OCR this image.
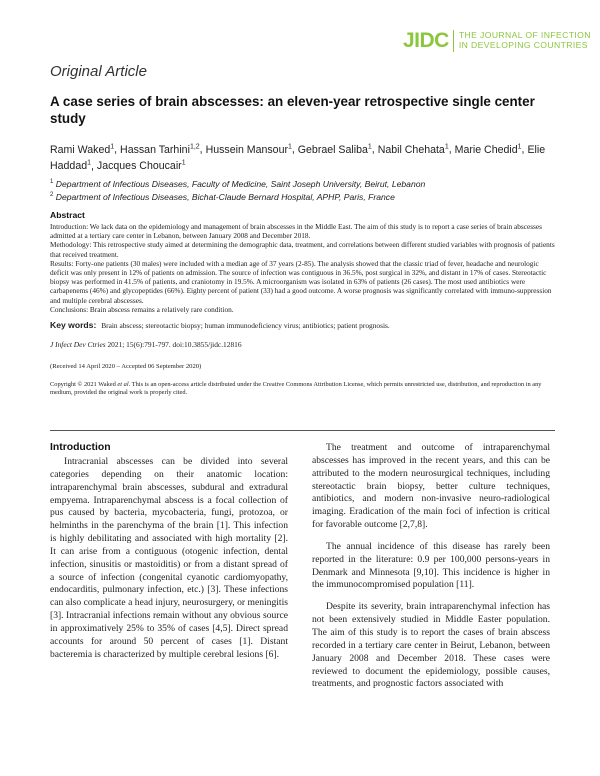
JIDC THE JOURNAL OF INFECTION
IN DEVELOPING COUNTRIES
Original Article
A case series of brain abscesses: an eleven-year retrospective single center study
Rami Waked$^1$, Hassan Tarhini$^{1,2}$, Hussein Mansour$^1$, Gebrael Saliba$^1$, Nabil Chehata$^1$, Marie Chedid$^1$, Elie Haddad$^1$, Jacques Choucair$^1$
$^1$ Department of Infectious Diseases, Faculty of Medicine, Saint Joseph University, Beirut, Lebanon
$^2$ Department of Infectious Diseases, Bichat-Claude Bernard Hospital, APHP, Paris, France
Abstract

Introduction: We lack data on the epidemiology and management of brain abscesses in the Middle East. The aim of this study is to report a case series of brain abscesses admitted at a tertiary care center in Lebanon, between January 2008 and December 2018.

Methodology: This retrospective study aimed at determining the demographic data, treatment, and correlations between different studied variables with prognosis of patients that received treatment.

Results: Forty-one patients (30 males) were included with a median age of 37 years (2-85). The analysis showed that the classic triad of fever, headache and neurologic deficit was only present in 12% of patients on admission. The source of infection was contiguous in 36.5%, post surgical in 32%, and distant in 17% of cases. Stereotactic biopsy was performed in 41.5% of patients, and craniotomy in 19.5%. A microorganism was isolated in 63% of patients (26 cases). The most used antibiotics were carbapenems (46%) and glycopeptides (66%). Eighty percent of patient (33) had a good outcome. A worse prognosis was significantly correlated with immuno-suppression and multiple cerebral abscesses.

Conclusions: Brain abscess remains a relatively rare condition.

Key words: Brain abscess; stereotactic biopsy; human immunodeficiency virus; antibiotics; patient prognosis.
J Infect Dev Ctries 2021; 15(6):791-797. doi:10.3855/jidc.12816
(Received 14 April 2020 – Accepted 06 September 2020)
Copyright © 2021 Waked et al. This is an open-access article distributed under the Creative Commons Attribution License, which permits unrestricted use, distribution, and reproduction in any medium, provided the original work is properly cited.
Introduction

Intracranial abscesses can be divided into several categories depending on their anatomic location: intraparenchymal brain abscesses, subdural and extradural empyema. Intraparenchymal abscess is a focal collection of pus caused by bacteria, mycobacteria, fungi, protozoa, or helminths in the parenchyma of the brain [1]. This infection is highly debilitating and associated with high mortality [2]. It can arise from a contiguous (otogenic infection, dental infection, sinusitis or mastoiditis) or from a distant spread of a source of infection (congenital cyanotic cardiomyopathy, endocarditis, pulmonary infection, etc.) [3]. These infections can also complicate a head injury, neurosurgery, or meningitis [3]. Intracranial infections remain without any obvious source in approximatively 25% to 35% of cases [4,5]. Direct spread accounts for around 50 percent of cases [1]. Distant bacteremia is characterized by multiple cerebral lesions [6].

The treatment and outcome of intraparenchymal abscesses has improved in the recent years, and this can be attributed to the modern neurosurgical techniques, including stereotactic brain biopsy, better culture techniques, antibiotics, and modern non-invasive neuro-radiological imaging. Eradication of the main foci of infection is critical for favorable outcome [2,7,8].

The annual incidence of this disease has rarely been reported in the literature: 0.9 per 100,000 persons-years in Denmark and Minnesota [9,10]. This incidence is higher in the immunocompromised population [11].

Despite its severity, brain intraparenchymal infection has not been extensively studied in Middle Easter population. The aim of this study is to report the cases of brain abscess recorded in a tertiary care center in Beirut, Lebanon, between January 2008 and December 2018. These cases were reviewed to document the epidemiology, possible causes, treatments, and prognostic factors associated with
